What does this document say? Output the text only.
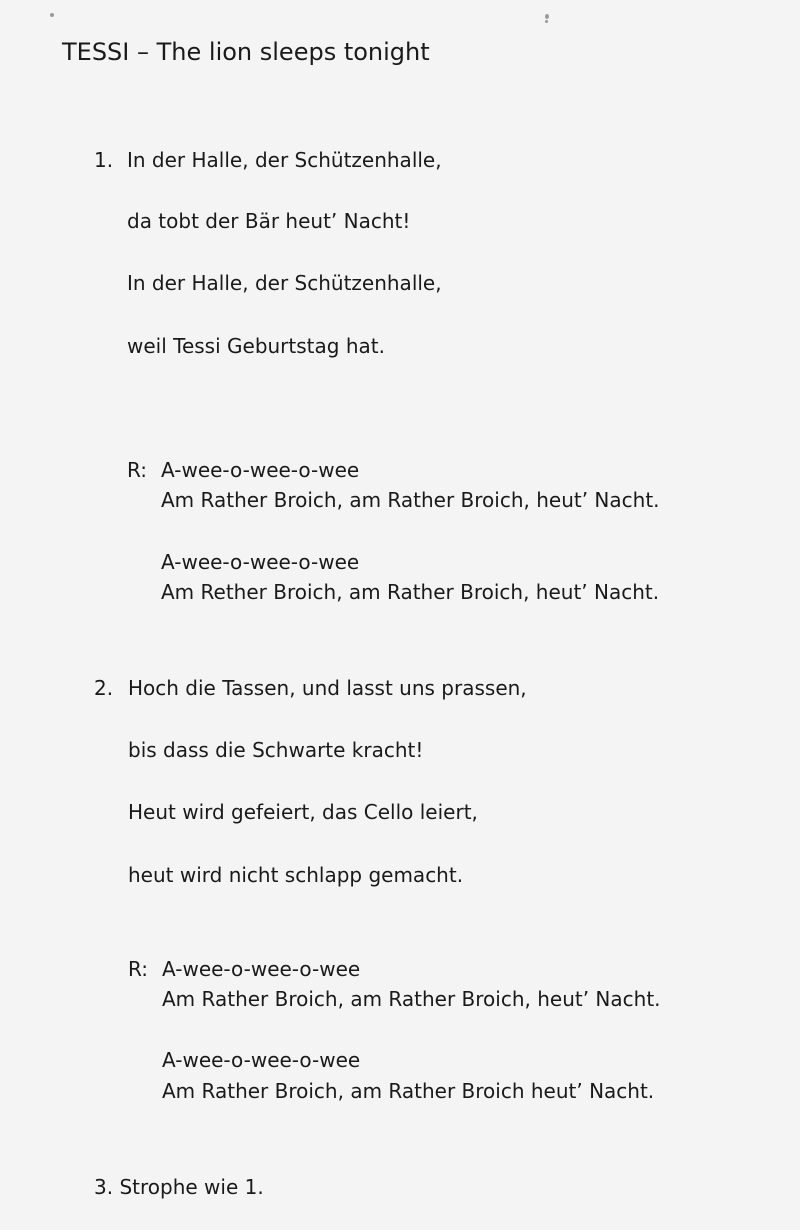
TESSI – The lion sleeps tonight
1. In der Halle, der Schützenhalle,
da tobt der Bär heut’ Nacht!
In der Halle, der Schützenhalle,
weil Tessi Geburtstag hat.
R: A-wee-o-wee-o-wee
Am Rather Broich, am Rather Broich, heut’ Nacht.
A-wee-o-wee-o-wee
Am Rether Broich, am Rather Broich, heut’ Nacht.
2. Hoch die Tassen, und lasst uns prassen,
bis dass die Schwarte kracht!
Heut wird gefeiert, das Cello leiert,
heut wird nicht schlapp gemacht.
R: A-wee-o-wee-o-wee
Am Rather Broich, am Rather Broich, heut’ Nacht.
A-wee-o-wee-o-wee
Am Rather Broich, am Rather Broich heut’ Nacht.
3. Strophe wie 1.
